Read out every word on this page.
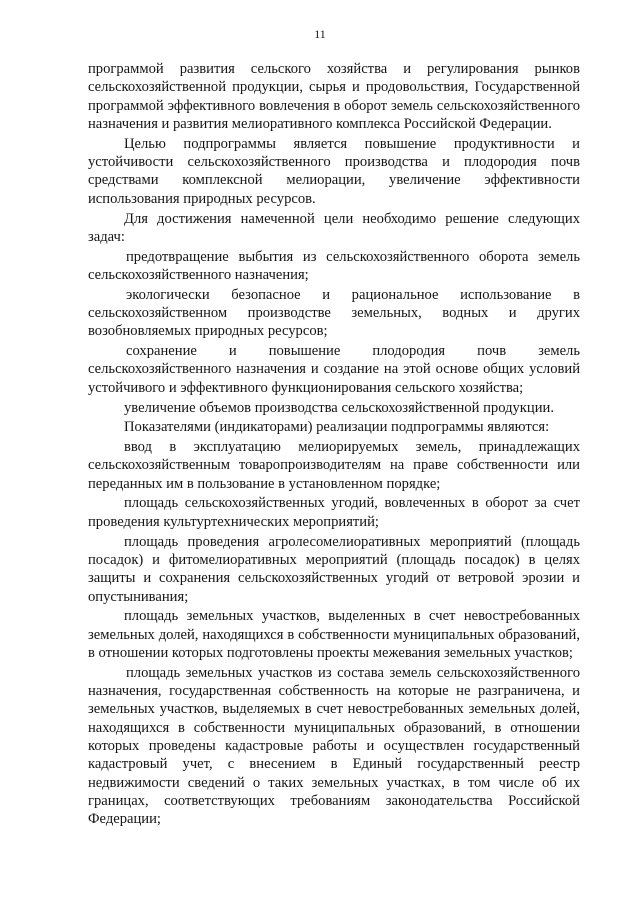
11

программой развития сельского хозяйства и регулирования рынков сельскохозяйственной продукции, сырья и продовольствия, Государственной программой эффективного вовлечения в оборот земель сельскохозяйственного назначения и развития мелиоративного комплекса Российской Федерации.

Целью подпрограммы является повышение продуктивности и устойчивости сельскохозяйственного производства и плодородия почв средствами комплексной мелиорации, увеличение эффективности использования природных ресурсов.

Для достижения намеченной цели необходимо решение следующих задач:

предотвращение выбытия из сельскохозяйственного оборота земель сельскохозяйственного назначения;

экологически безопасное и рациональное использование в сельскохозяйственном производстве земельных, водных и других возобновляемых природных ресурсов;

сохранение и повышение плодородия почв земель сельскохозяйственного назначения и создание на этой основе общих условий устойчивого и эффективного функционирования сельского хозяйства;

увеличение объемов производства сельскохозяйственной продукции.

Показателями (индикаторами) реализации подпрограммы являются:

ввод в эксплуатацию мелиорируемых земель, принадлежащих сельскохозяйственным товаропроизводителям на праве собственности или переданных им в пользование в установленном порядке;

площадь сельскохозяйственных угодий, вовлеченных в оборот за счет проведения культуртехнических мероприятий;

площадь проведения агролесомелиоративных мероприятий (площадь посадок) и фитомелиоративных мероприятий (площадь посадок) в целях защиты и сохранения сельскохозяйственных угодий от ветровой эрозии и опустынивания;

площадь земельных участков, выделенных в счет невостребованных земельных долей, находящихся в собственности муниципальных образований, в отношении которых подготовлены проекты межевания земельных участков;

площадь земельных участков из состава земель сельскохозяйственного назначения, государственная собственность на которые не разграничена, и земельных участков, выделяемых в счет невостребованных земельных долей, находящихся в собственности муниципальных образований, в отношении которых проведены кадастровые работы и осуществлен государственный кадастровый учет, с внесением в Единый государственный реестр недвижимости сведений о таких земельных участках, в том числе об их границах, соответствующих требованиям законодательства Российской Федерации;
